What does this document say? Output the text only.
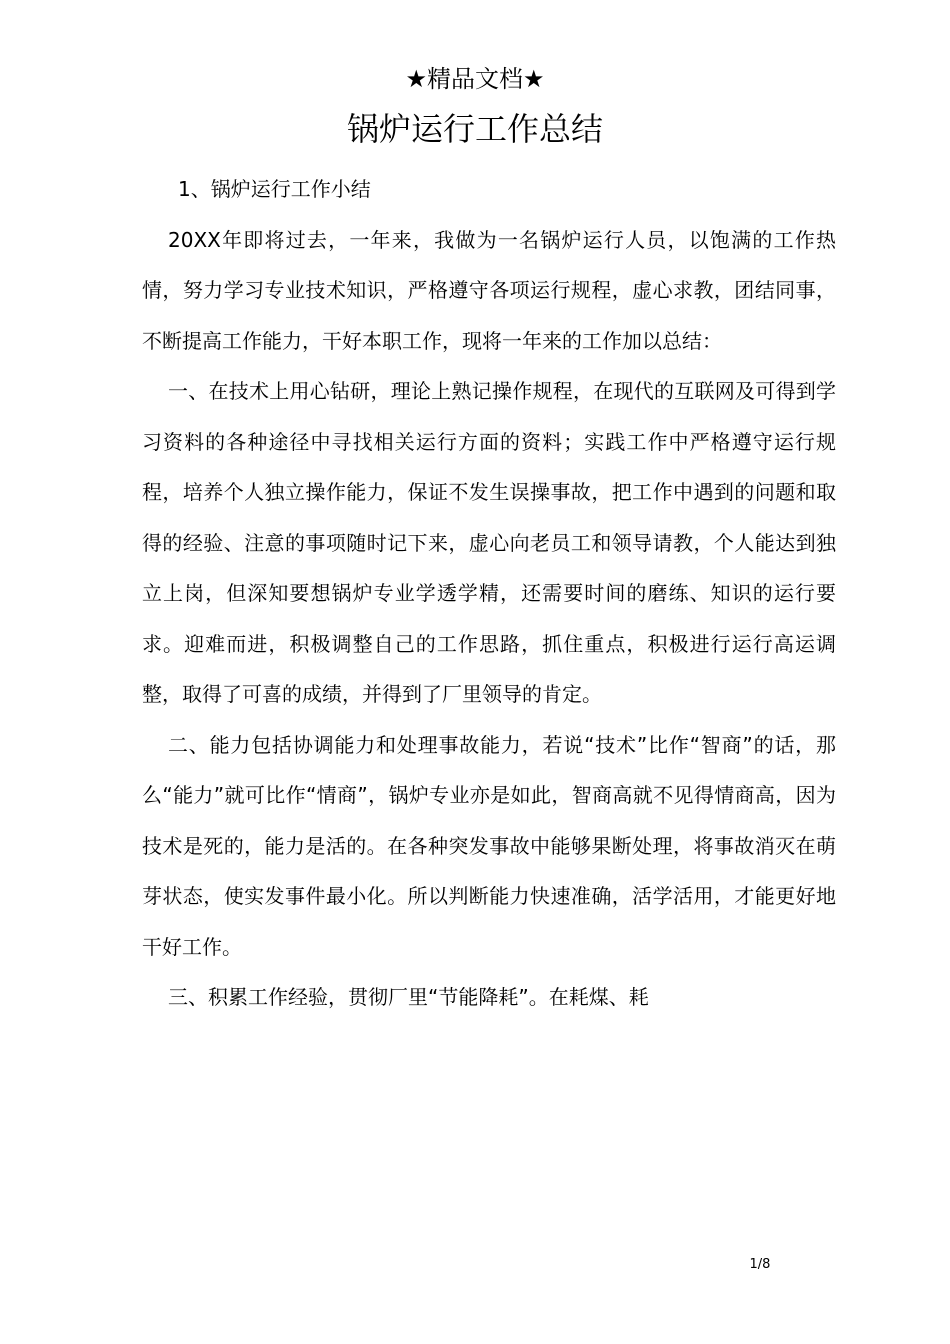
★精品文档★
锅炉运行工作总结

1、锅炉运行工作小结

20XX年即将过去，一年来，我做为一名锅炉运行人员，以饱满的工作热情，努力学习专业技术知识，严格遵守各项运行规程，虚心求教，团结同事，不断提高工作能力，干好本职工作，现将一年来的工作加以总结：

一、在技术上用心钻研，理论上熟记操作规程，在现代的互联网及可得到学习资料的各种途径中寻找相关运行方面的资料；实践工作中严格遵守运行规程，培养个人独立操作能力，保证不发生误操事故，把工作中遇到的问题和取得的经验、注意的事项随时记下来，虚心向老员工和领导请教，个人能达到独立上岗，但深知要想锅炉专业学透学精，还需要时间的磨练、知识的运行要求。迎难而进，积极调整自己的工作思路，抓住重点，积极进行运行高运调整，取得了可喜的成绩，并得到了厂里领导的肯定。

二、能力包括协调能力和处理事故能力，若说“技术”比作“智商”的话，那么“能力”就可比作“情商”，锅炉专业亦是如此，智商高就不见得情商高，因为技术是死的，能力是活的。在各种突发事故中能够果断处理，将事故消灭在萌芽状态，使实发事件最小化。所以判断能力快速准确，活学活用，才能更好地干好工作。

三、积累工作经验，贯彻厂里“节能降耗”。在耗煤、耗

1/8
